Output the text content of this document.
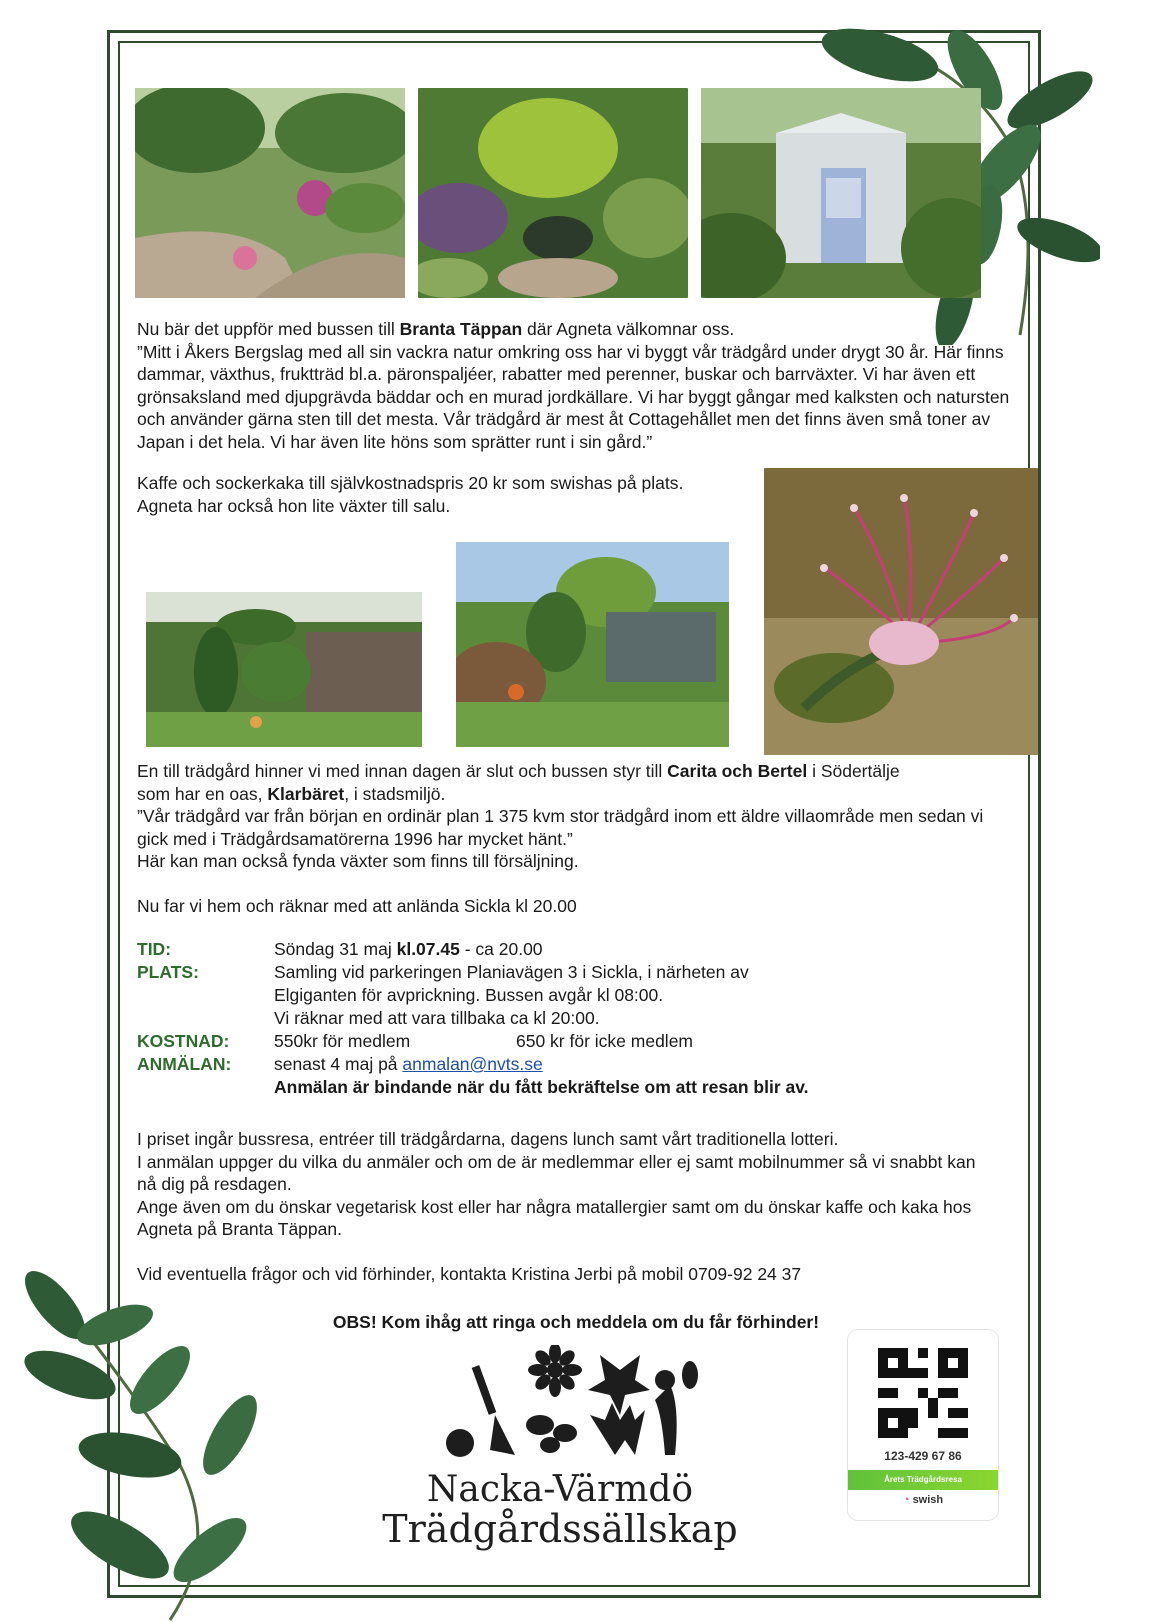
Nu bär det uppför med bussen till Branta Täppan där Agneta välkomnar oss.

”Mitt i Åkers Bergslag med all sin vackra natur omkring oss har vi byggt vår trädgård under drygt 30 år. Här finns dammar, växthus, fruktträd bl.a. päronspaljéer, rabatter med perenner, buskar och barrväxter. Vi har även ett grönsaksland med djupgrävda bäddar och en murad jordkällare. Vi har byggt gångar med kalksten och natursten och använder gärna sten till det mesta. Vår trädgård är mest åt Cottagehållet men det finns även små toner av Japan i det hela. Vi har även lite höns som sprätter runt i sin gård.”

Kaffe och sockerkaka till självkostnadspris 20 kr som swishas på plats.

Agneta har också hon lite växter till salu.

En till trädgård hinner vi med innan dagen är slut och bussen styr till Carita och Bertel i Södertälje

som har en oas, Klarbäret, i stadsmiljö.

”Vår trädgård var från början en ordinär plan 1 375 kvm stor trädgård inom ett äldre villaområde men sedan vi gick med i Trädgårdsamatörerna 1996 har mycket hänt.”

Här kan man också fynda växter som finns till försäljning.

Nu far vi hem och räknar med att anlända Sickla kl 20.00

TID:	Söndag 31 maj kl.07.45 - ca 20.00
PLATS:	Samling vid parkeringen Planiavägen 3 i Sickla, i närheten av
Elgiganten för avprickning. Bussen avgår kl 08:00.
Vi räknar med att vara tillbaka ca kl 20:00.
KOSTNAD:	550kr för medlem	650 kr för icke medlem
ANMÄLAN: senast 4 maj på anmalan@nvts.se
Anmälan är bindande när du fått bekräftelse om att resan blir av.

I priset ingår bussresa, entréer till trädgårdarna, dagens lunch samt vårt traditionella lotteri.

I anmälan uppger du vilka du anmäler och om de är medlemmar eller ej samt mobilnummer så vi snabbt kan nå dig på resdagen.

Ange även om du önskar vegetarisk kost eller har några matallergier samt om du önskar kaffe och kaka hos Agneta på Branta Täppan.

Vid eventuella frågor och vid förhinder, kontakta Kristina Jerbi på mobil 0709-92 24 37

OBS! Kom ihåg att ringa och meddela om du får förhinder!
Nacka-Värmdö
Trädgårdssällskap
123-429 67 86
Årets Trädgårdsresa
◔ swish
